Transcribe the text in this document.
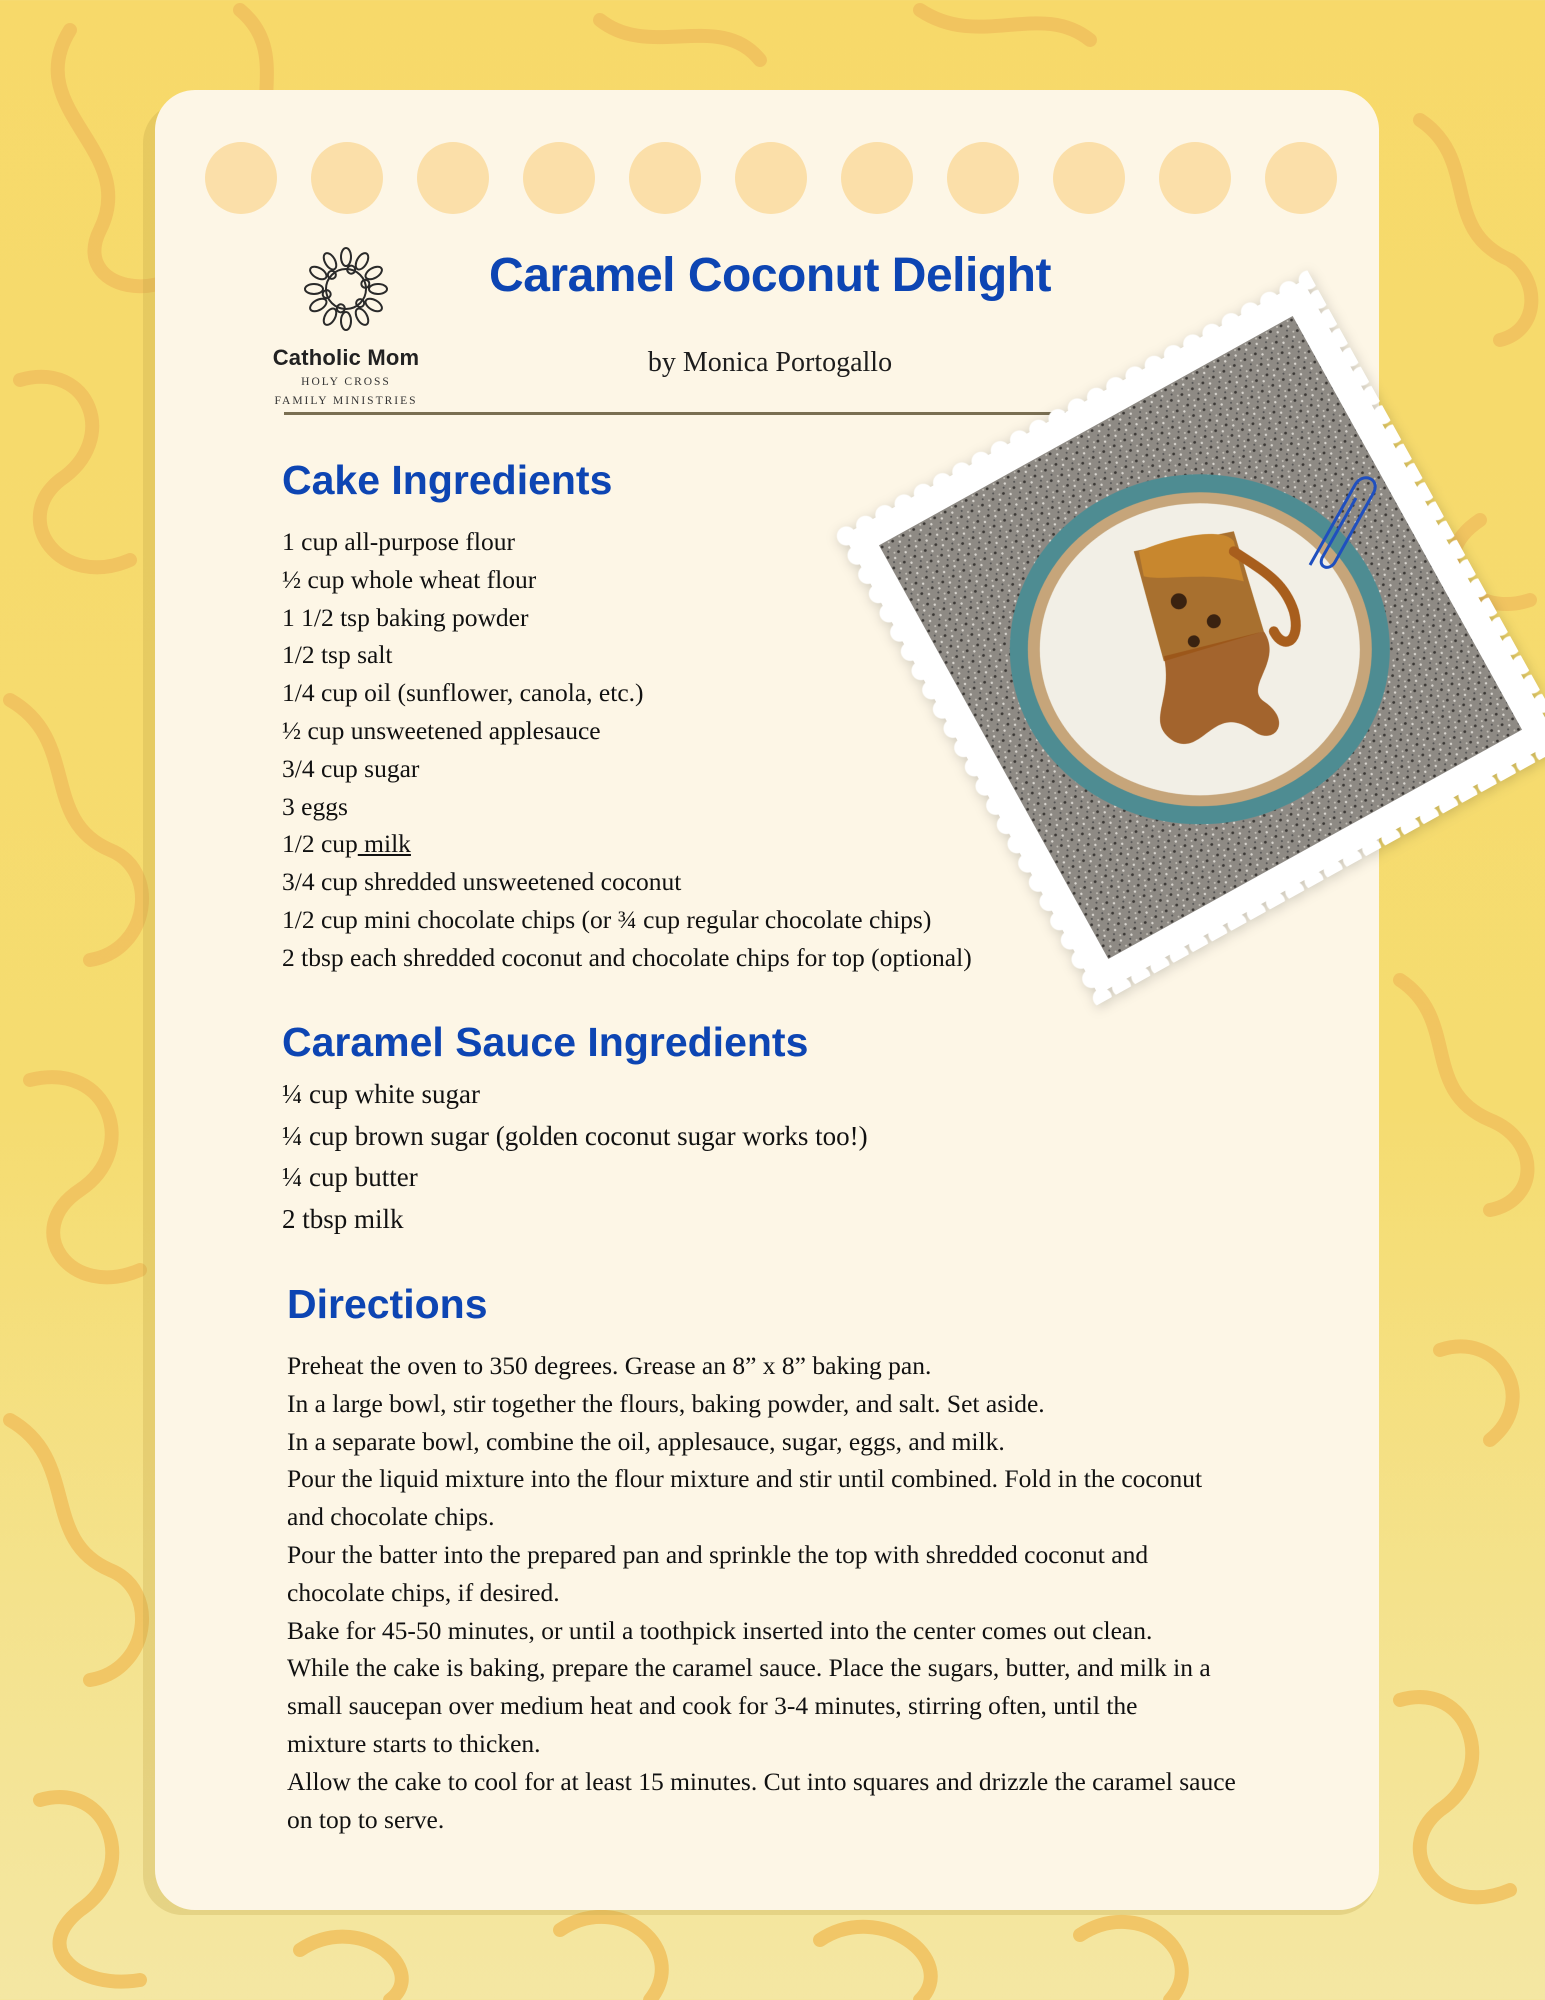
Catholic Mom
HOLY CROSS
FAMILY MINISTRIES
Caramel Coconut Delight
by Monica Portogallo
Cake Ingredients
1 cup all-purpose flour
½ cup whole wheat flour
1 1/2 tsp baking powder
1/2 tsp salt
1/4 cup oil (sunflower, canola, etc.)
½ cup unsweetened applesauce
3/4 cup sugar
3 eggs
1/2 cup milk
3/4 cup shredded unsweetened coconut
1/2 cup mini chocolate chips (or ¾ cup regular chocolate chips)
2 tbsp each shredded coconut and chocolate chips for top (optional)
Caramel Sauce Ingredients
¼ cup white sugar
¼ cup brown sugar (golden coconut sugar works too!)
¼ cup butter
2 tbsp milk
Directions
Preheat the oven to 350 degrees. Grease an 8” x 8” baking pan.
In a large bowl, stir together the flours, baking powder, and salt. Set aside.
In a separate bowl, combine the oil, applesauce, sugar, eggs, and milk.
Pour the liquid mixture into the flour mixture and stir until combined. Fold in the coconut
and chocolate chips.
Pour the batter into the prepared pan and sprinkle the top with shredded coconut and
chocolate chips, if desired.
Bake for 45-50 minutes, or until a toothpick inserted into the center comes out clean.
While the cake is baking, prepare the caramel sauce. Place the sugars, butter, and milk in a
small saucepan over medium heat and cook for 3-4 minutes, stirring often, until the
mixture starts to thicken.
Allow the cake to cool for at least 15 minutes. Cut into squares and drizzle the caramel sauce
on top to serve.
